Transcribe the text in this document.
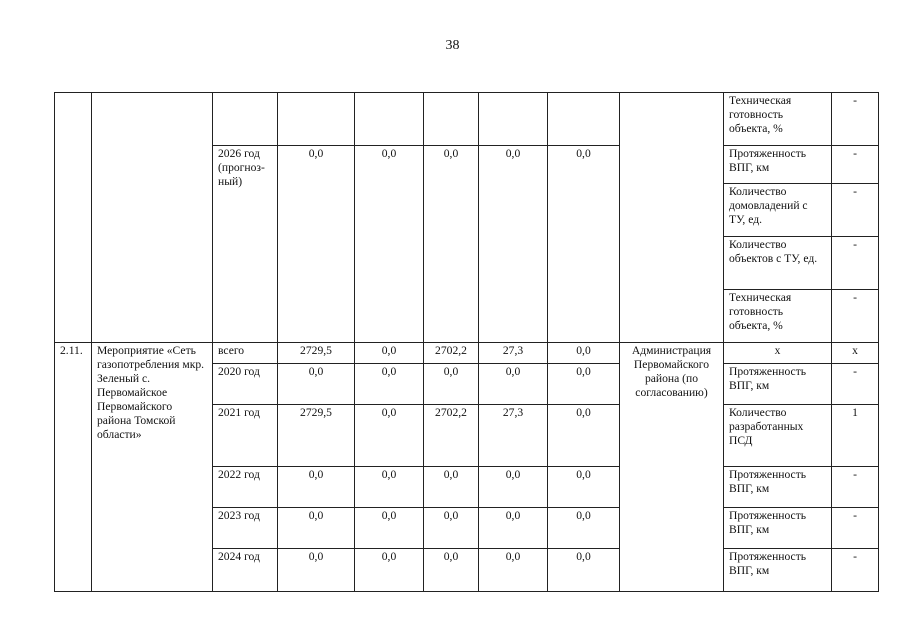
38
									Техническая готовность объекта, %	-
		2026 год (прогноз-ный)	0,0	0,0	0,0	0,0	0,0		Протяженность ВПГ, км	-
									Количество домовладений с ТУ, ед.	-
									Количество объектов с ТУ, ед.	-
									Техническая готовность объекта, %	-
2.11.	Мероприятие «Сеть газопотребления мкр. Зеленый с. Первомайское Первомайского района Томской области»	всего	2729,5	0,0	2702,2	27,3	0,0	Администрация Первомайского района (по согласованию)	х	х
		2020 год	0,0	0,0	0,0	0,0	0,0		Протяженность ВПГ, км	-
		2021 год	2729,5	0,0	2702,2	27,3	0,0		Количество разработанных ПСД	1
		2022 год	0,0	0,0	0,0	0,0	0,0		Протяженность ВПГ, км	-
		2023 год	0,0	0,0	0,0	0,0	0,0		Протяженность ВПГ, км	-
		2024 год	0,0	0,0	0,0	0,0	0,0		Протяженность ВПГ, км	-
